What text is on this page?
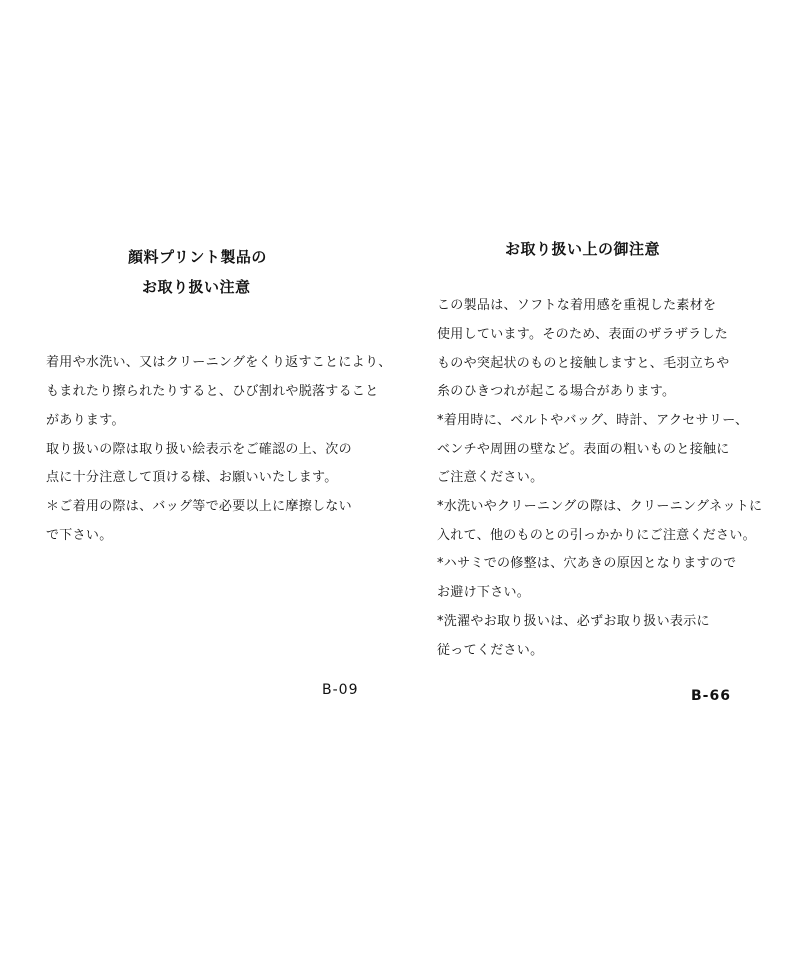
顔料プリント製品の
お取り扱い注意
着用や水洗い、又はクリーニングをくり返すことにより、
もまれたり擦られたりすると、ひび割れや脱落すること
があります。
取り扱いの際は取り扱い絵表示をご確認の上、次の
点に十分注意して頂ける様、お願いいたします。
＊ご着用の際は、バッグ等で必要以上に摩擦しない
で下さい。
B-09
お取り扱い上の御注意
この製品は、ソフトな着用感を重視した素材を
使用しています。そのため、表面のザラザラした
ものや突起状のものと接触しますと、毛羽立ちや
糸のひきつれが起こる場合があります。
*着用時に、ベルトやバッグ、時計、アクセサリー、
ベンチや周囲の壁など。表面の粗いものと接触に
ご注意ください。
*水洗いやクリーニングの際は、クリーニングネットに
入れて、他のものとの引っかかりにご注意ください。
*ハサミでの修整は、穴あきの原因となりますので
お避け下さい。
*洗濯やお取り扱いは、必ずお取り扱い表示に
従ってください。
B-66
